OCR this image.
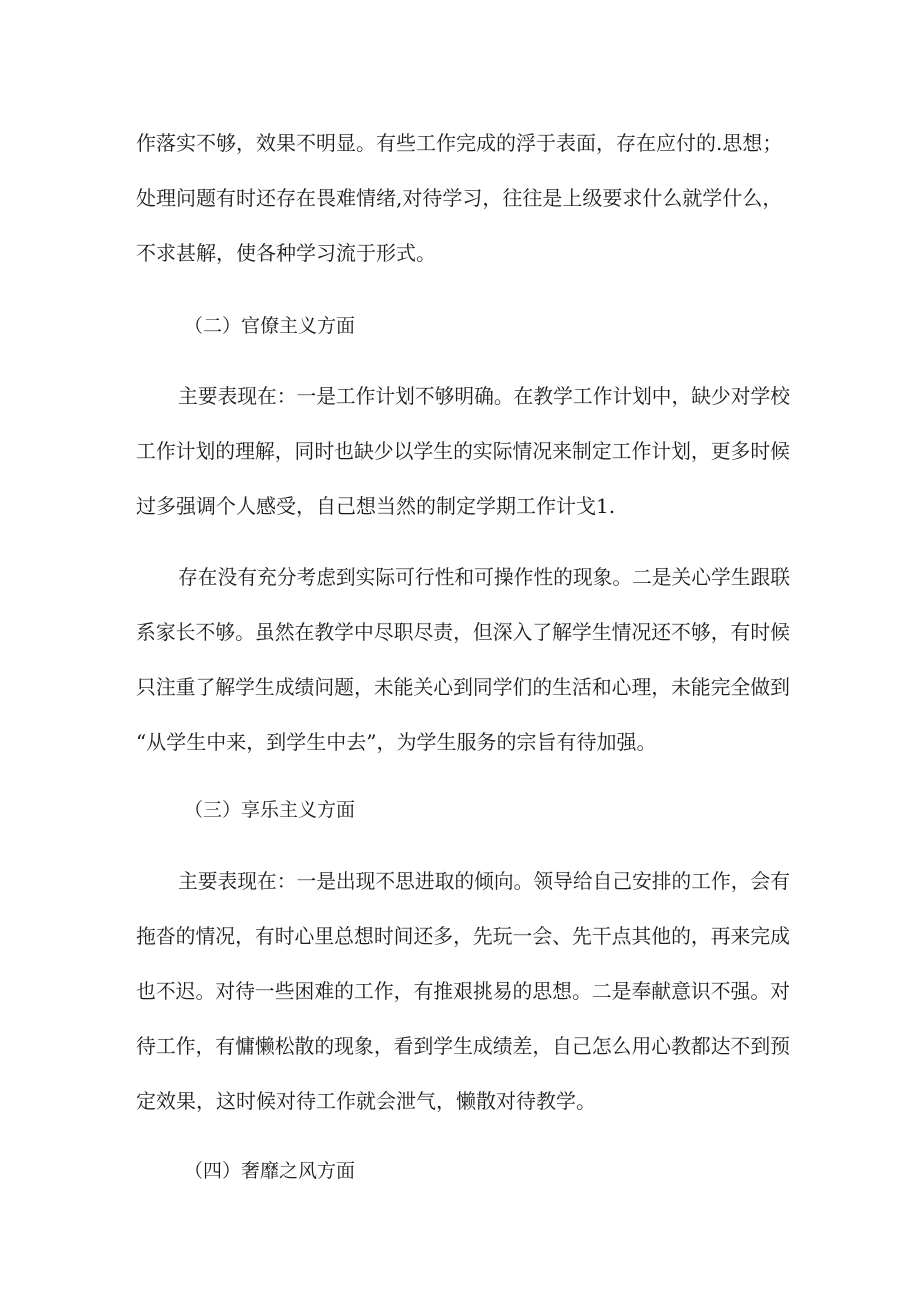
作落实不够，效果不明显。有些工作完成的浮于表面，存在应付的.思想；
处理问题有时还存在畏难情绪,对待学习，往往是上级要求什么就学什么，
不求甚解，使各种学习流于形式。
（二）官僚主义方面
主要表现在：一是工作计划不够明确。在教学工作计划中，缺少对学校
工作计划的理解，同时也缺少以学生的实际情况来制定工作计划，更多时候
过多强调个人感受，自己想当然的制定学期工作计戈1.
存在没有充分考虑到实际可行性和可操作性的现象。二是关心学生跟联
系家长不够。虽然在教学中尽职尽责，但深入了解学生情况还不够，有时候
只注重了解学生成绩问题，未能关心到同学们的生活和心理，未能完全做到
“从学生中来，到学生中去”，为学生服务的宗旨有待加强。
（三）享乐主义方面
主要表现在：一是出现不思进取的倾向。领导给自己安排的工作，会有
拖沓的情况，有时心里总想时间还多，先玩一会、先干点其他的，再来完成
也不迟。对待一些困难的工作，有推艰挑易的思想。二是奉献意识不强。对
待工作，有慵懒松散的现象，看到学生成绩差，自己怎么用心教都达不到预
定效果，这时候对待工作就会泄气，懒散对待教学。
（四）奢靡之风方面
